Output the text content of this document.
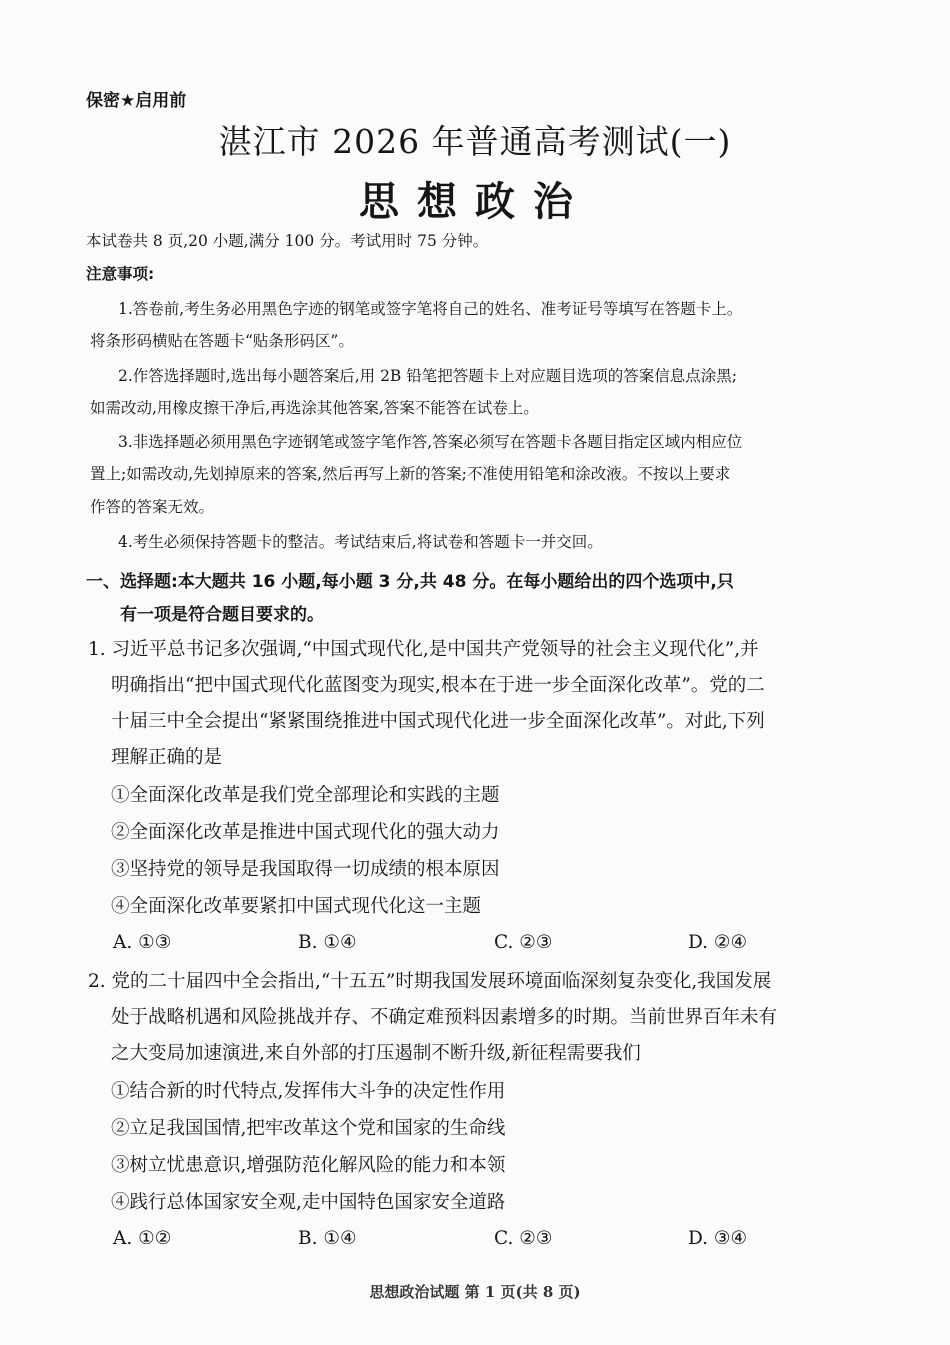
保密★启用前
湛江市 2026 年普通高考测试(一)
思想政治
本试卷共 8 页,20 小题,满分 100 分。考试用时 75 分钟。
注意事项:
1.答卷前,考生务必用黑色字迹的钢笔或签字笔将自己的姓名、准考证号等填写在答题卡上。
将条形码横贴在答题卡“贴条形码区”。
2.作答选择题时,选出每小题答案后,用 2B 铅笔把答题卡上对应题目选项的答案信息点涂黑;
如需改动,用橡皮擦干净后,再选涂其他答案,答案不能答在试卷上。
3.非选择题必须用黑色字迹钢笔或签字笔作答,答案必须写在答题卡各题目指定区域内相应位
置上;如需改动,先划掉原来的答案,然后再写上新的答案;不准使用铅笔和涂改液。不按以上要求
作答的答案无效。
4.考生必须保持答题卡的整洁。考试结束后,将试卷和答题卡一并交回。
一、选择题:本大题共 16 小题,每小题 3 分,共 48 分。在每小题给出的四个选项中,只
有一项是符合题目要求的。
1. 习近平总书记多次强调,“中国式现代化,是中国共产党领导的社会主义现代化”,并
明确指出“把中国式现代化蓝图变为现实,根本在于进一步全面深化改革”。党的二
十届三中全会提出“紧紧围绕推进中国式现代化进一步全面深化改革”。对此,下列
理解正确的是
①全面深化改革是我们党全部理论和实践的主题
②全面深化改革是推进中国式现代化的强大动力
③坚持党的领导是我国取得一切成绩的根本原因
④全面深化改革要紧扣中国式现代化这一主题
A. ①③	B. ①④	C. ②③	D. ②④
2. 党的二十届四中全会指出,“十五五”时期我国发展环境面临深刻复杂变化,我国发展
处于战略机遇和风险挑战并存、不确定难预料因素增多的时期。当前世界百年未有
之大变局加速演进,来自外部的打压遏制不断升级,新征程需要我们
①结合新的时代特点,发挥伟大斗争的决定性作用
②立足我国国情,把牢改革这个党和国家的生命线
③树立忧患意识,增强防范化解风险的能力和本领
④践行总体国家安全观,走中国特色国家安全道路
A. ①②	B. ①④	C. ②③	D. ③④
思想政治试题 第 1 页(共 8 页)
